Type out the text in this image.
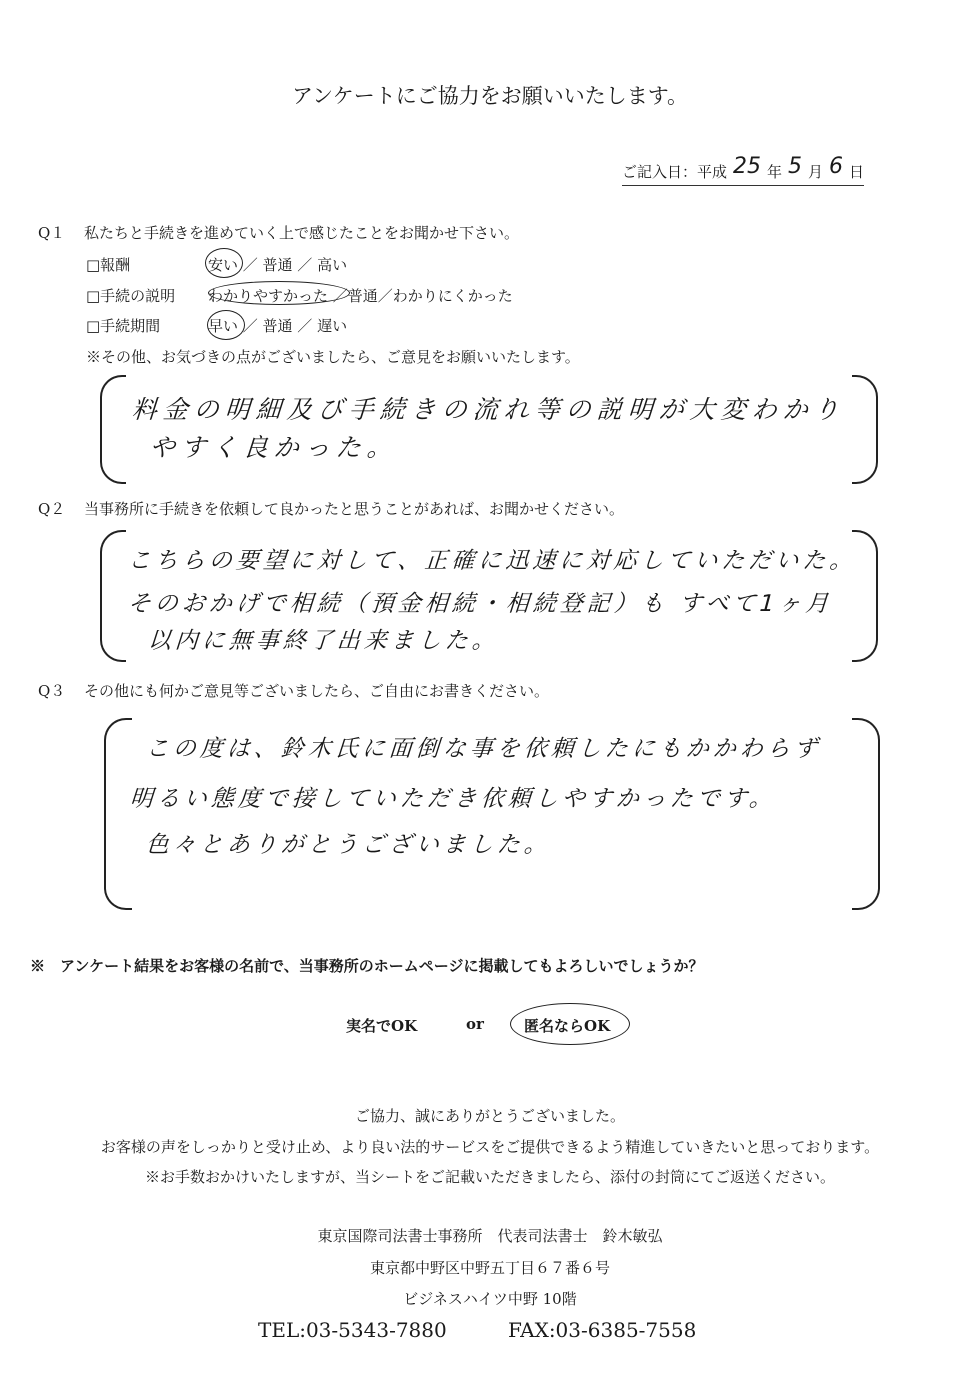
アンケートにご協力をお願いいたします。
ご記入日：平成 25 年 5 月 6 日
Q１ 私たちと手続きを進めていく上で感じたことをお聞かせ下さい。
□報酬	安い ／ 普通 ／ 高い
□手続の説明 わかりやすかった ／普通／わかりにくかった
□手続期間	早い ／ 普通 ／ 遅い
※その他、お気づきの点がございましたら、ご意見をお願いいたします。
料金の明細及び手続きの流れ等の説明が大変わかり
やすく良かった。
Q２ 当事務所に手続きを依頼して良かったと思うことがあれば、お聞かせください。
こちらの要望に対して、正確に迅速に対応していただいた。
そのおかげで相続（預金相続・相続登記）も すべて1ヶ月
以内に無事終了出来ました。
Q３ その他にも何かご意見等ございましたら、ご自由にお書きください。
この度は、鈴木氏に面倒な事を依頼したにもかかわらず
明るい態度で接していただき依頼しやすかったです。
色々とありがとうございました。
※　アンケート結果をお客様の名前で、当事務所のホームページに掲載してもよろしいでしょうか？
実名でOK	or	匿名ならOK
ご協力、誠にありがとうございました。
お客様の声をしっかりと受け止め、より良い法的サービスをご提供できるよう精進していきたいと思っております。
※お手数おかけいたしますが、当シートをご記載いただきましたら、添付の封筒にてご返送ください。
東京国際司法書士事務所　代表司法書士　鈴木敏弘
東京都中野区中野五丁目６７番６号
ビジネスハイツ中野 10階
TEL:03-5343-7880	FAX:03-6385-7558
